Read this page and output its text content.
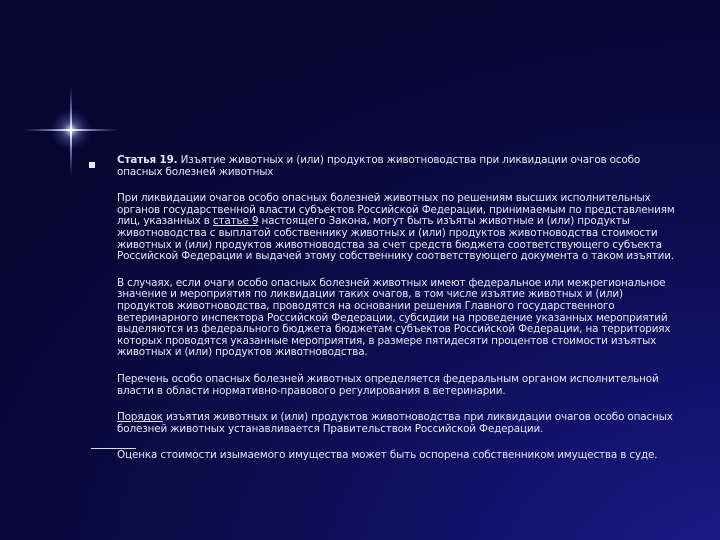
Статья 19. Изъятие животных и (или) продуктов животноводства при ликвидации очагов особо опасных болезней животных

При ликвидации очагов особо опасных болезней животных по решениям высших исполнительных органов государственной власти субъектов Российской Федерации, принимаемым по представлениям лиц, указанных в статье 9 настоящего Закона, могут быть изъяты животные и (или) продукты животноводства с выплатой собственнику животных и (или) продуктов животноводства стоимости животных и (или) продуктов животноводства за счет средств бюджета соответствующего субъекта Российской Федерации и выдачей этому собственнику соответствующего документа о таком изъятии.

В случаях, если очаги особо опасных болезней животных имеют федеральное или межрегиональное значение и мероприятия по ликвидации таких очагов, в том числе изъятие животных и (или) продуктов животноводства, проводятся на основании решения Главного государственного ветеринарного инспектора Российской Федерации, субсидии на проведение указанных мероприятий выделяются из федерального бюджета бюджетам субъектов Российской Федерации, на территориях которых проводятся указанные мероприятия, в размере пятидесяти процентов стоимости изъятых животных и (или) продуктов животноводства.

Перечень особо опасных болезней животных определяется федеральным органом исполнительной власти в области нормативно-правового регулирования в ветеринарии.

Порядок изъятия животных и (или) продуктов животноводства при ликвидации очагов особо опасных болезней животных устанавливается Правительством Российской Федерации.

Оценка стоимости изымаемого имущества может быть оспорена собственником имущества в суде.
